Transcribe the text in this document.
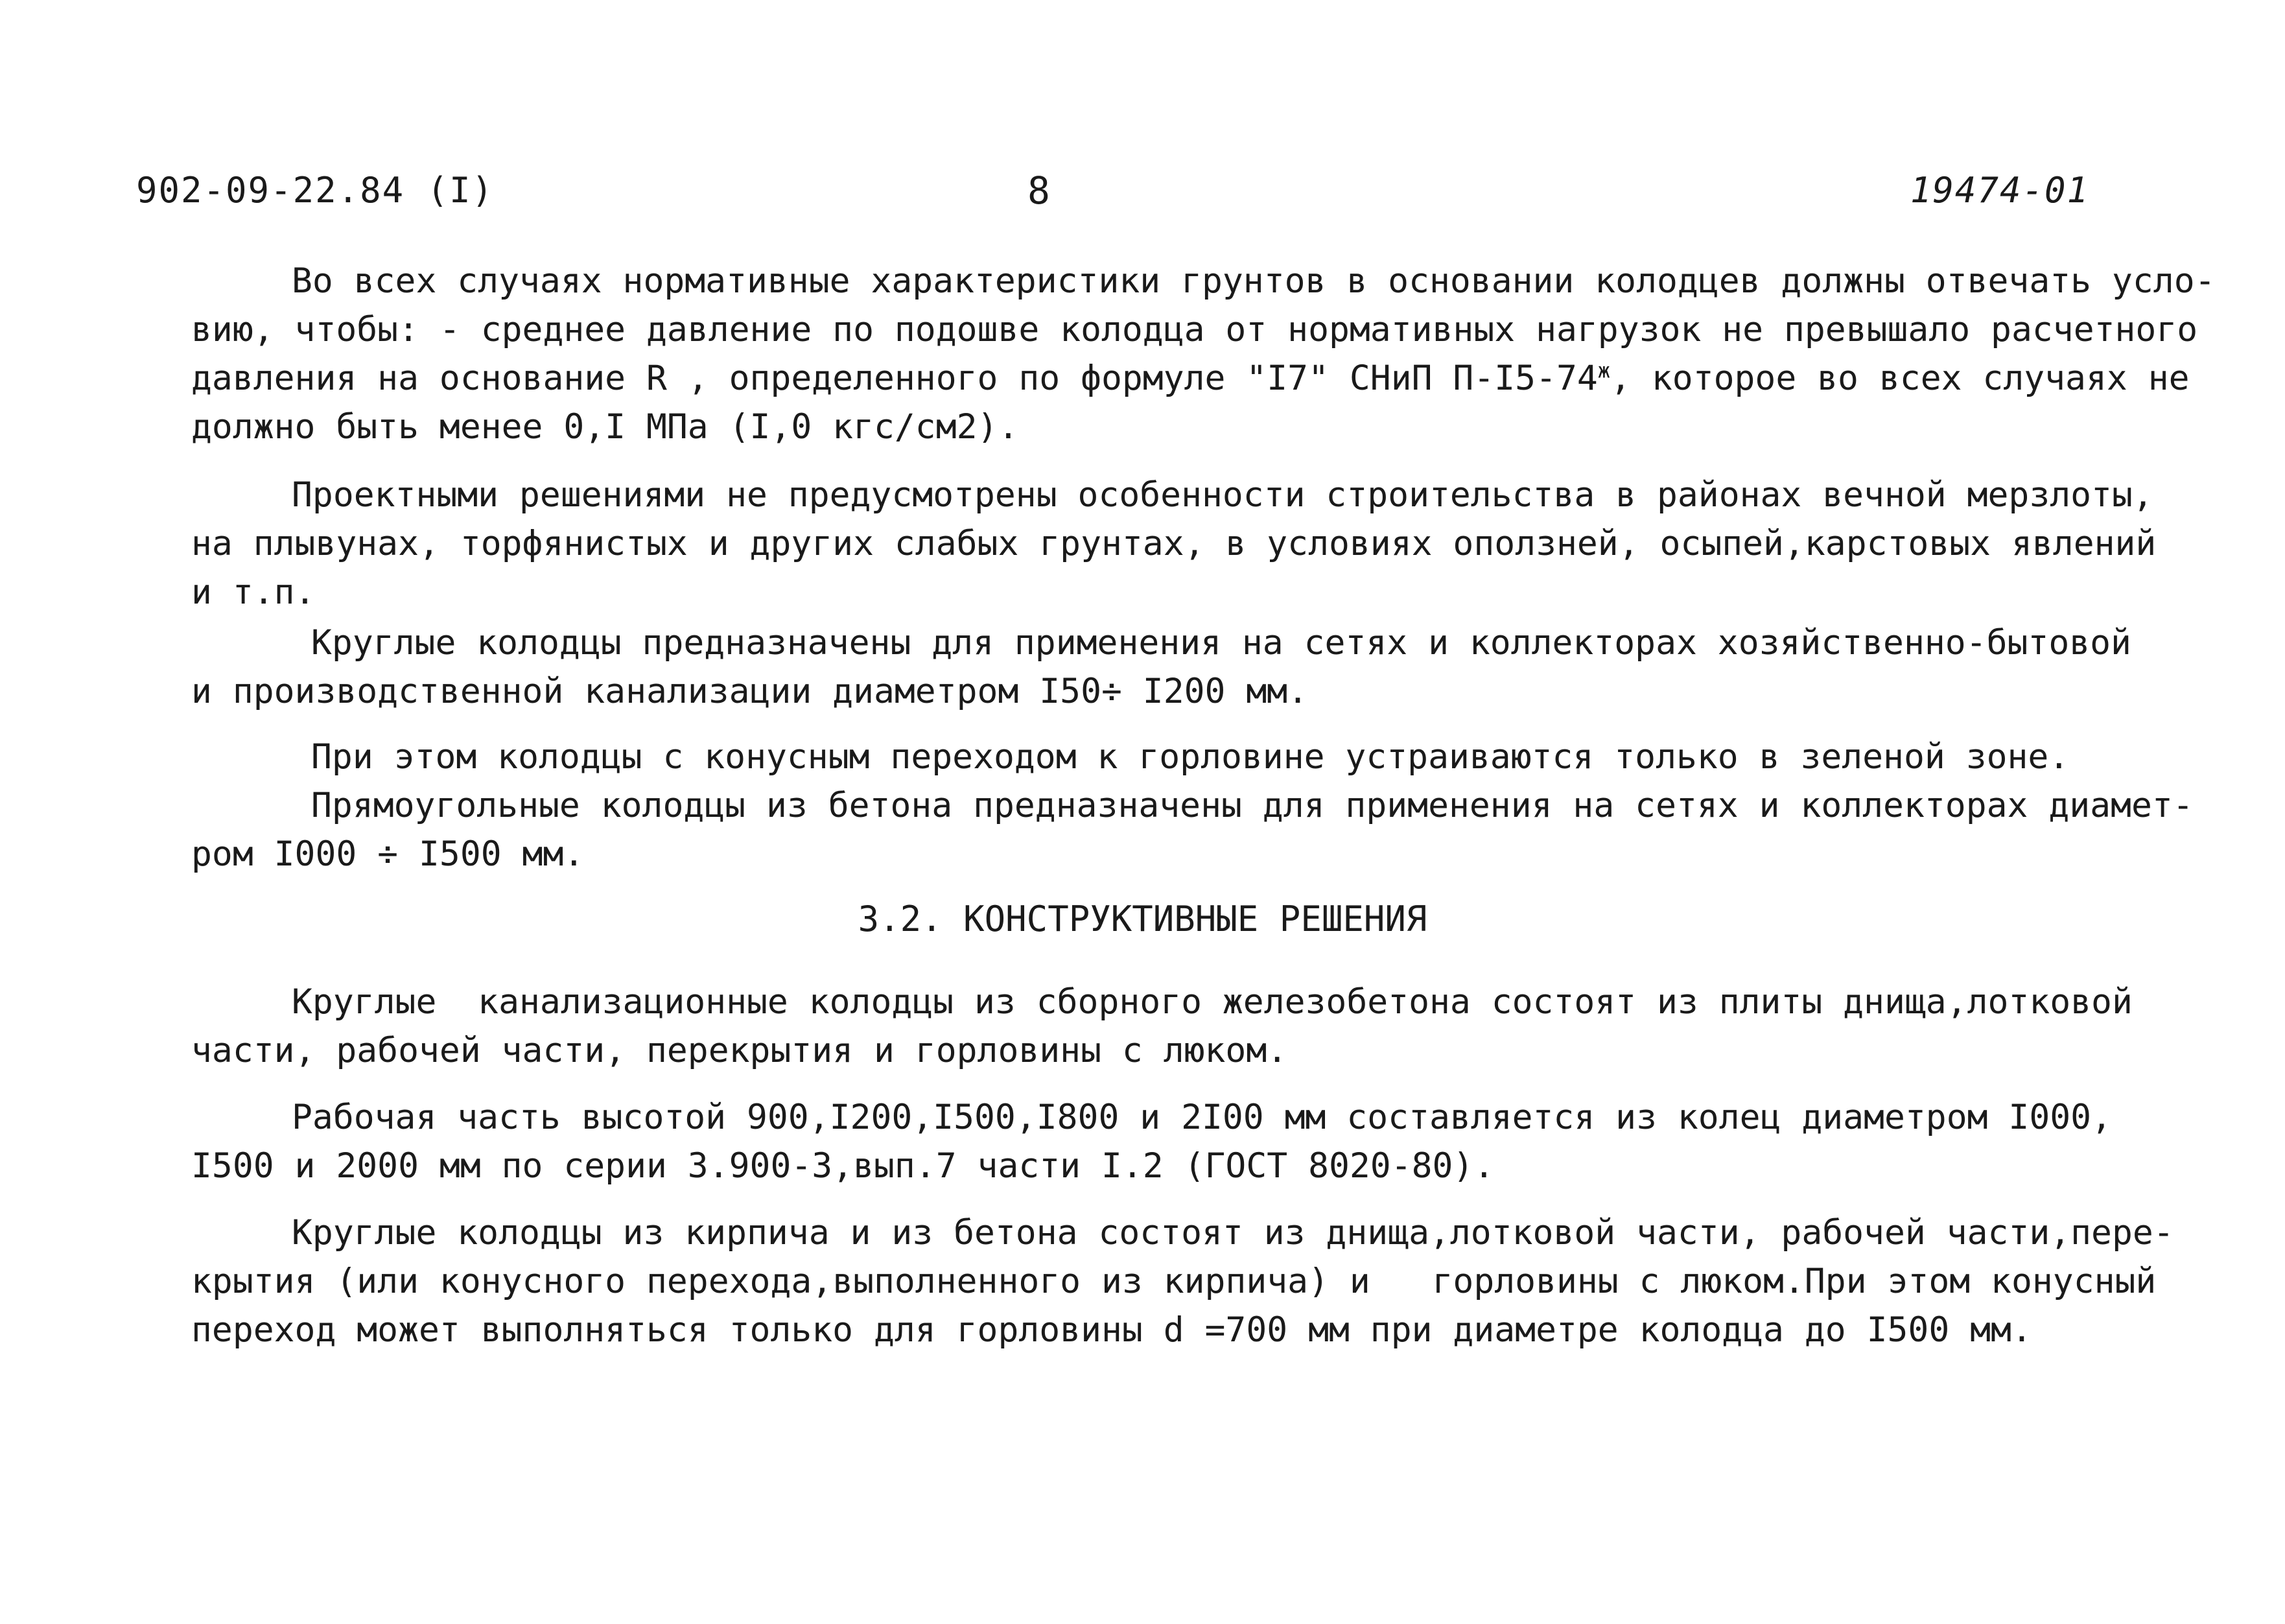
902-09-22.84 (I)	8	19474-01
Во всех случаях нормативные характеристики грунтов в основании колодцев должны отвечать усло-
вию, чтобы: - среднее давление по подошве колодца от нормативных нагрузок не превышало расчетного
давления на основание R , определенного по формуле "I7" СНиП $П-I5-74^ж$, которое во всех случаях не
должно быть менее 0,I МПа (I,0 кгс/см2).
Проектными решениями не предусмотрены особенности строительства в районах вечной мерзлоты,
на плывунах, торфянистых и других слабых грунтах, в условиях оползней, осыпей,карстовых явлений
и т.п.
Круглые колодцы предназначены для применения на сетях и коллекторах хозяйственно-бытовой
и производственной канализации диаметром I50÷ I200 мм.
При этом колодцы с конусным переходом к горловине устраиваются только в зеленой зоне.
Прямоугольные колодцы из бетона предназначены для применения на сетях и коллекторах диамет-
ром I000 ÷ I500 мм.
3.2. КОНСТРУКТИВНЫЕ РЕШЕНИЯ
Круглые  канализационные колодцы из сборного железобетона состоят из плиты днища,лотковой
части, рабочей части, перекрытия и горловины с люком.
Рабочая часть высотой 900,I200,I500,I800 и 2I00 мм составляется из колец диаметром I000,
I500 и 2000 мм по серии 3.900-3,вып.7 части I.2 (ГОСТ 8020-80).
Круглые колодцы из кирпича и из бетона состоят из днища,лотковой части, рабочей части,пере-
крытия (или конусного перехода,выполненного из кирпича) и   горловины с люком.При этом конусный
переход может выполняться только для горловины d =700 мм при диаметре колодца до I500 мм.
